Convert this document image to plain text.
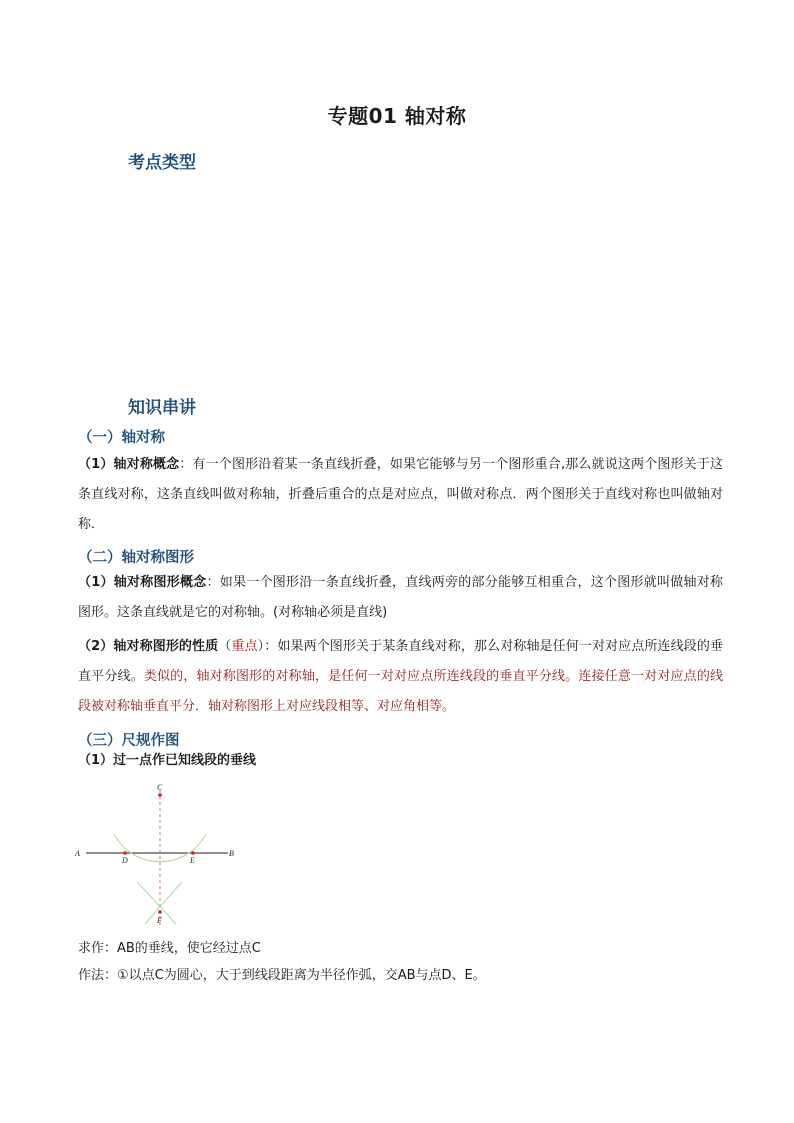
专题01 轴对称
考点类型
知识串讲
（一）轴对称
（1）轴对称概念：有一个图形沿着某一条直线折叠，如果它能够与另一个图形重合,那么就说这两个图形关于这条直线对称，这条直线叫做对称轴，折叠后重合的点是对应点，叫做对称点．两个图形关于直线对称也叫做轴对称．
（二）轴对称图形
（1）轴对称图形概念：如果一个图形沿一条直线折叠，直线两旁的部分能够互相重合，这个图形就叫做轴对称图形。这条直线就是它的对称轴。(对称轴必须是直线)
（2）轴对称图形的性质（重点）：如果两个图形关于某条直线对称，那么对称轴是任何一对对应点所连线段的垂直平分线。类似的，轴对称图形的对称轴，是任何一对对应点所连线段的垂直平分线。连接任意一对对应点的线段被对称轴垂直平分．轴对称图形上对应线段相等、对应角相等。
（三）尺规作图
（1）过一点作已知线段的垂线
C
A	B
D	E
F
求作：AB的垂线，使它经过点C
作法：①以点C为圆心，大于到线段距离为半径作弧，交AB与点D、E。
